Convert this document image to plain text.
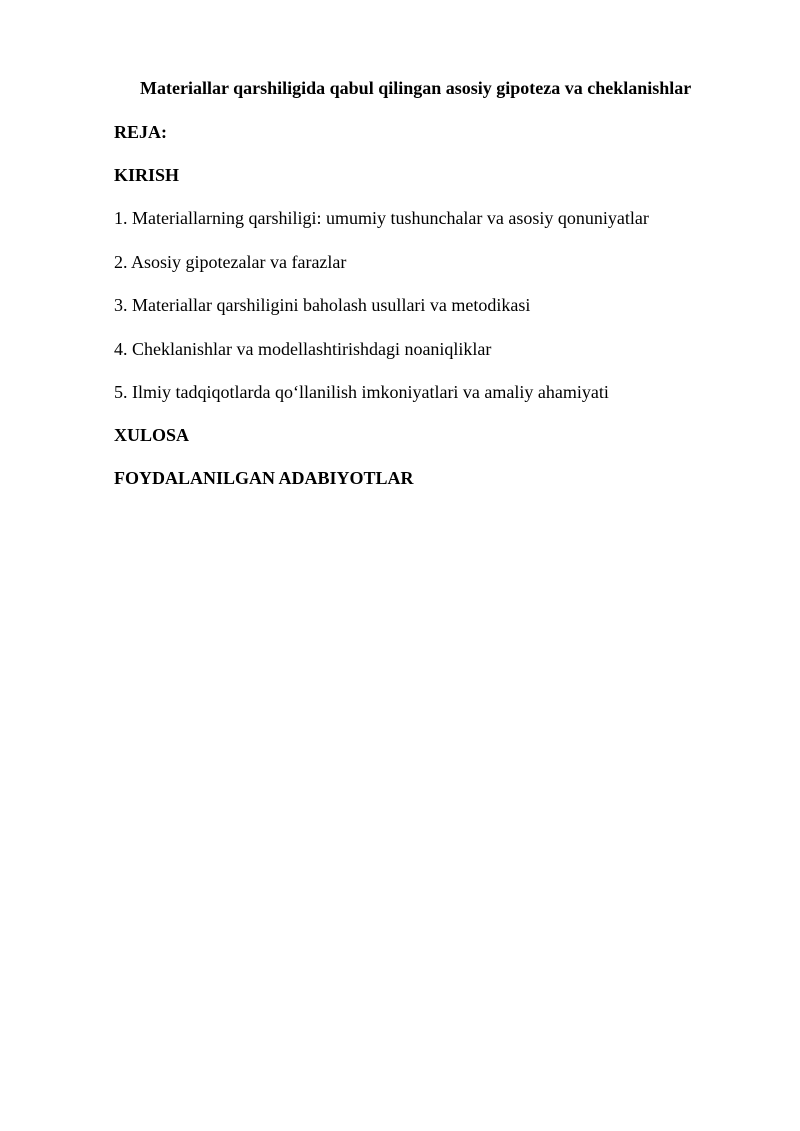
Materiallar qarshiligida qabul qilingan asosiy gipoteza va cheklanishlar

REJA:

KIRISH

1. Materiallarning qarshiligi: umumiy tushunchalar va asosiy qonuniyatlar

2. Asosiy gipotezalar va farazlar

3. Materiallar qarshiligini baholash usullari va metodikasi

4. Cheklanishlar va modellashtirishdagi noaniqliklar

5. Ilmiy tadqiqotlarda qo‘llanilish imkoniyatlari va amaliy ahamiyati

XULOSA

FOYDALANILGAN ADABIYOTLAR
